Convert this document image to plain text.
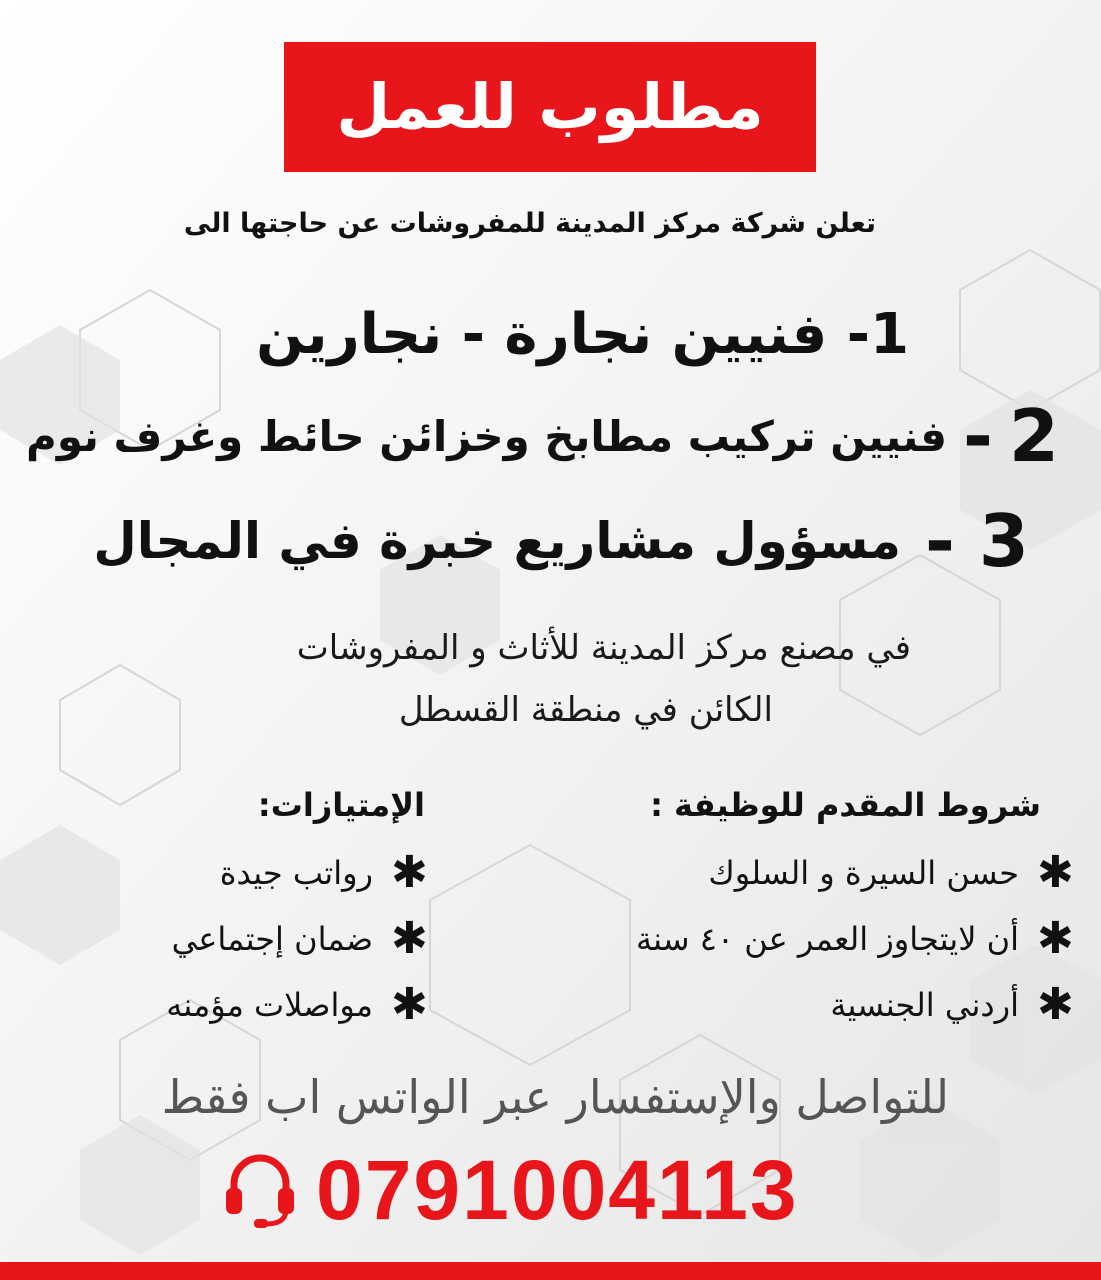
مطلوب للعمل
تعلن شركة مركز المدينة للمفروشات عن حاجتها الى
1- فنيين نجارة - نجارين
2
-
فنيين تركيب مطابخ وخزائن حائط وغرف نوم
3
-
مسؤول مشاريع خبرة في المجال
في مصنع مركز المدينة للأثاث و المفروشات
الكائن في منطقة القسطل
شروط المقدم للوظيفة :
الإمتيازات:
✱
حسن السيرة و السلوك
✱
أن لايتجاوز العمر عن ٤٠ سنة
✱
أردني الجنسية
✱
رواتب جيدة
✱
ضمان إجتماعي
✱
مواصلات مؤمنه
للتواصل والإستفسار عبر الواتس اب فقط
0791004113
